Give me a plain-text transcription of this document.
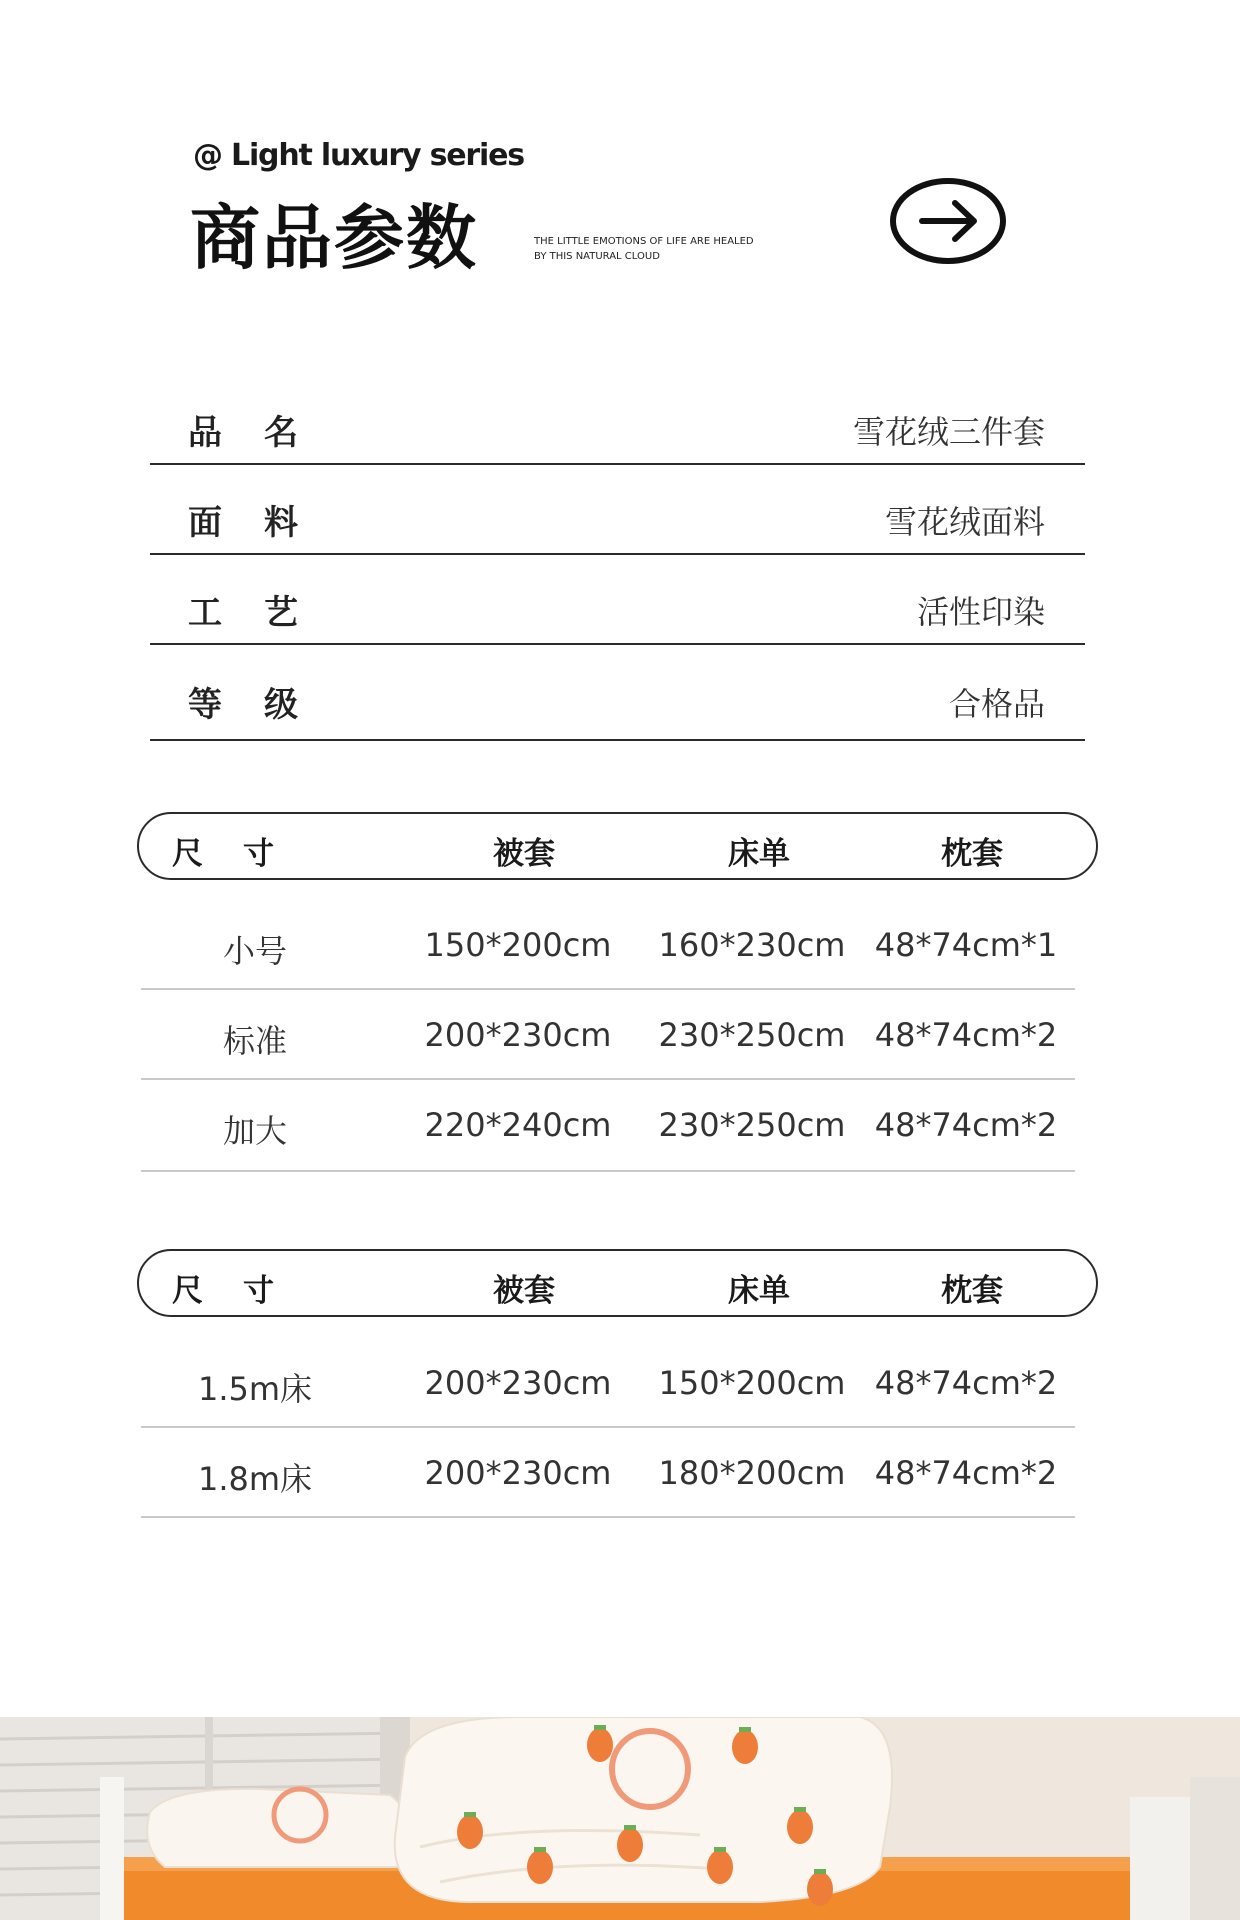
@ Light luxury series
商品参数	THE LITTLE EMOTIONS OF LIFE ARE HEALED
BY THIS NATURAL CLOUD
品名	雪花绒三件套
面料	雪花绒面料
工艺	活性印染
等级	合格品
尺寸	被套	床单	枕套
小号	150*200cm 160*230cm 48*74cm*1
标准	200*230cm 230*250cm 48*74cm*2
加大	220*240cm 230*250cm 48*74cm*2
尺寸	被套	床单	枕套
1.5m床	200*230cm 150*200cm 48*74cm*2
1.8m床	200*230cm 180*200cm 48*74cm*2
